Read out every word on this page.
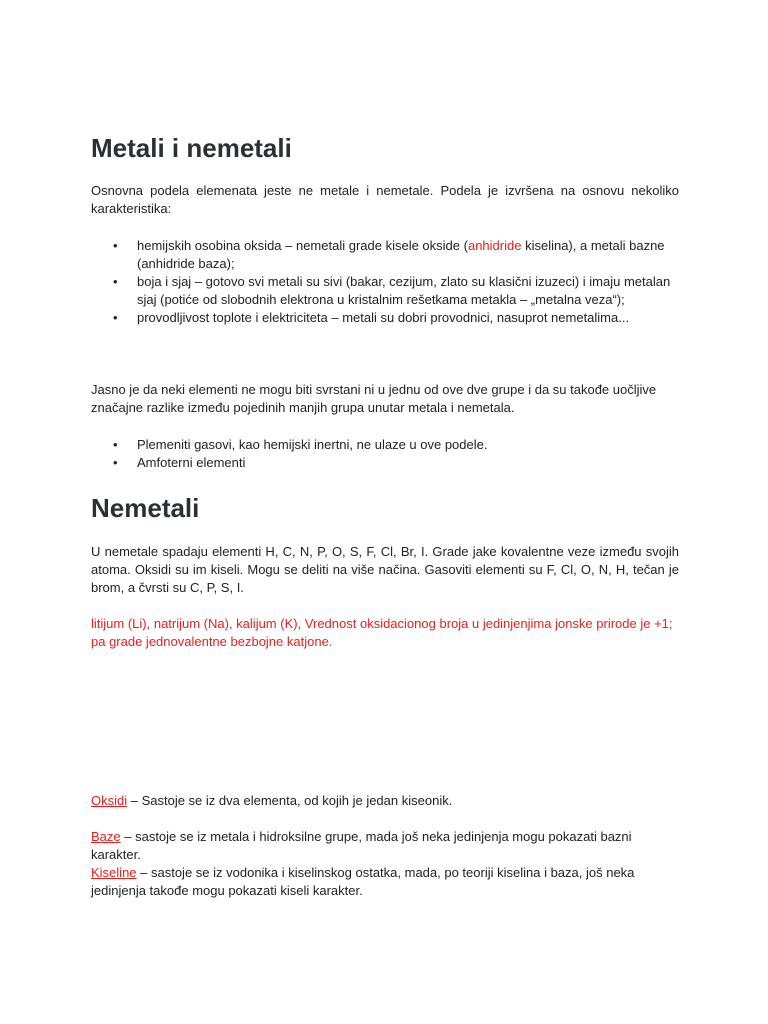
Metali i nemetali

Osnovna podela elemenata jeste ne metale i nemetale. Podela je izvršena na osnovu nekoliko karakteristika:

• hemijskih osobina oksida – nemetali grade kisele okside (anhidride kiselina), a metali bazne (anhidride baza);
• boja i sjaj – gotovo svi metali su sivi (bakar, cezijum, zlato su klasični izuzeci) i imaju metalan sjaj (potiće od slobodnih elektrona u kristalnim rešetkama metakla – „metalna veza“);
• provodljivost toplote i elektriciteta – metali su dobri provodnici, nasuprot nemetalima...

Jasno je da neki elementi ne mogu biti svrstani ni u jednu od ove dve grupe i da su takođe uočljive značajne razlike između pojedinih manjih grupa unutar metala i nemetala.

• Plemeniti gasovi, kao hemijski inertni, ne ulaze u ove podele.
• Amfoterni elementi
Nemetali

U nemetale spadaju elementi H, C, N, P, O, S, F, Cl, Br, I. Grade jake kovalentne veze između svojih atoma. Oksidi su im kiseli. Mogu se deliti na više načina. Gasoviti elementi su F, Cl, O, N, H, tečan je brom, a čvrsti su C, P, S, I.

litijum (Li), natrijum (Na), kalijum (K), Vrednost oksidacionog broja u jedinjenjima jonske prirode je +1; pa grade jednovalentne bezbojne katjone.

Oksidi – Sastoje se iz dva elementa, od kojih je jedan kiseonik.

Baze – sastoje se iz metala i hidroksilne grupe, mada još neka jedinjenja mogu pokazati bazni karakter.

Kiseline – sastoje se iz vodonika i kiselinskog ostatka, mada, po teoriji kiselina i baza, još neka jedinjenja takođe mogu pokazati kiseli karakter.
